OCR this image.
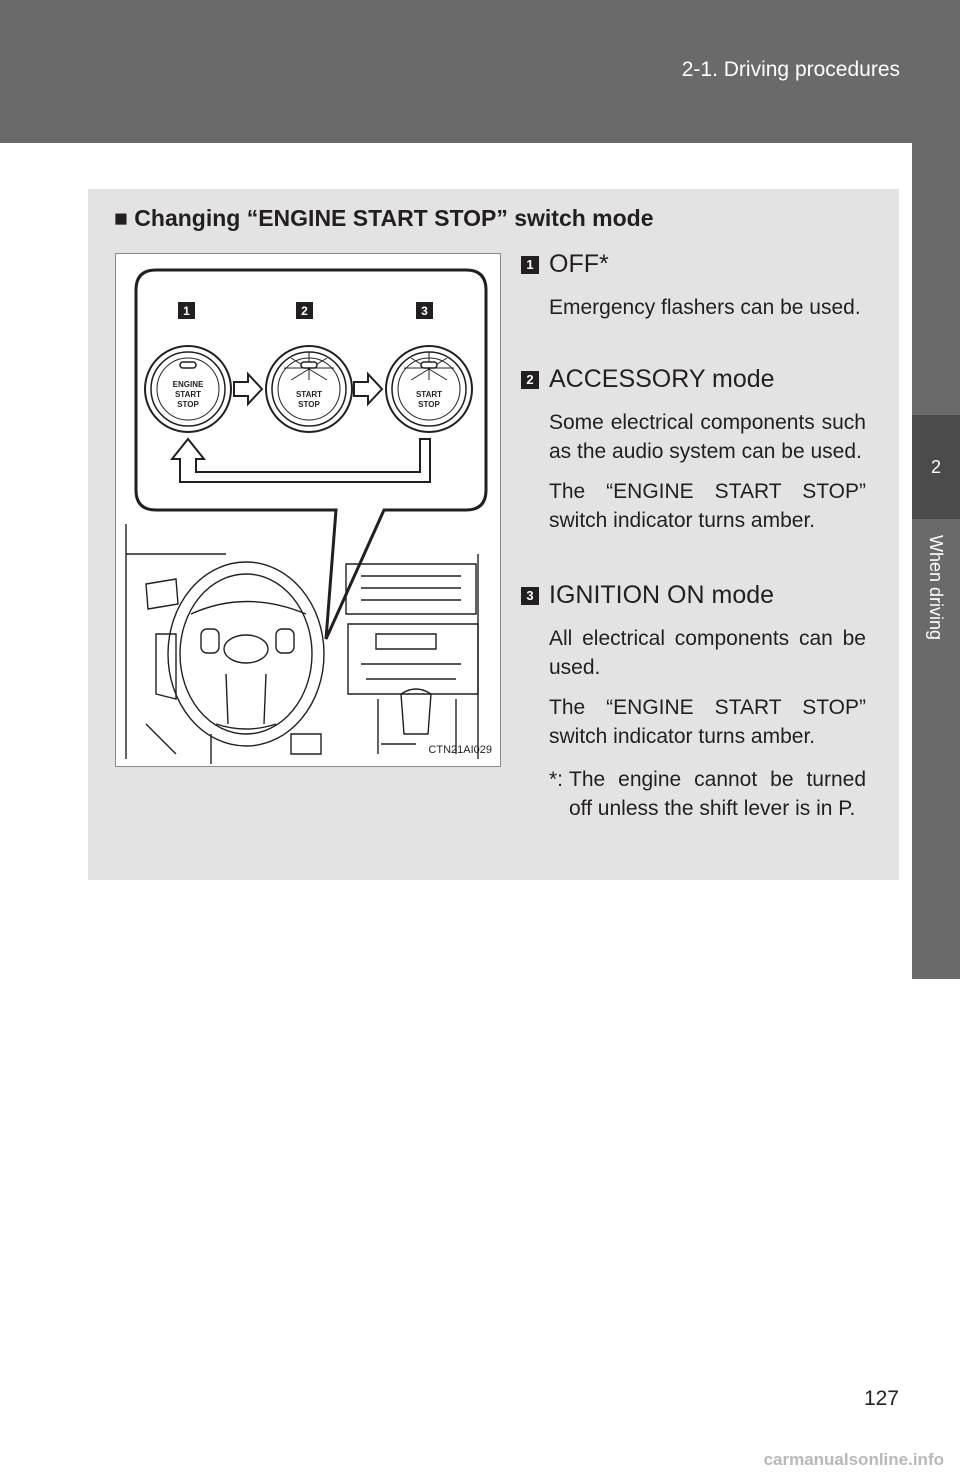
2-1. Driving procedures
2
When driving
■ Changing “ENGINE START STOP” switch mode
1	2	3
ENGINE
START
STOP
START
STOP
START
STOP
CTN21AI029
1 OFF*
Emergency flashers can be used.
2 ACCESSORY mode
Some electrical components such as the audio system can be used.
The “ENGINE START STOP” switch indicator turns amber.
3 IGNITION ON mode
All electrical components can be used.
The “ENGINE START STOP” switch indicator turns amber.
*: The engine cannot be turned off unless the shift lever is in P.
127
carmanualsonline.info
